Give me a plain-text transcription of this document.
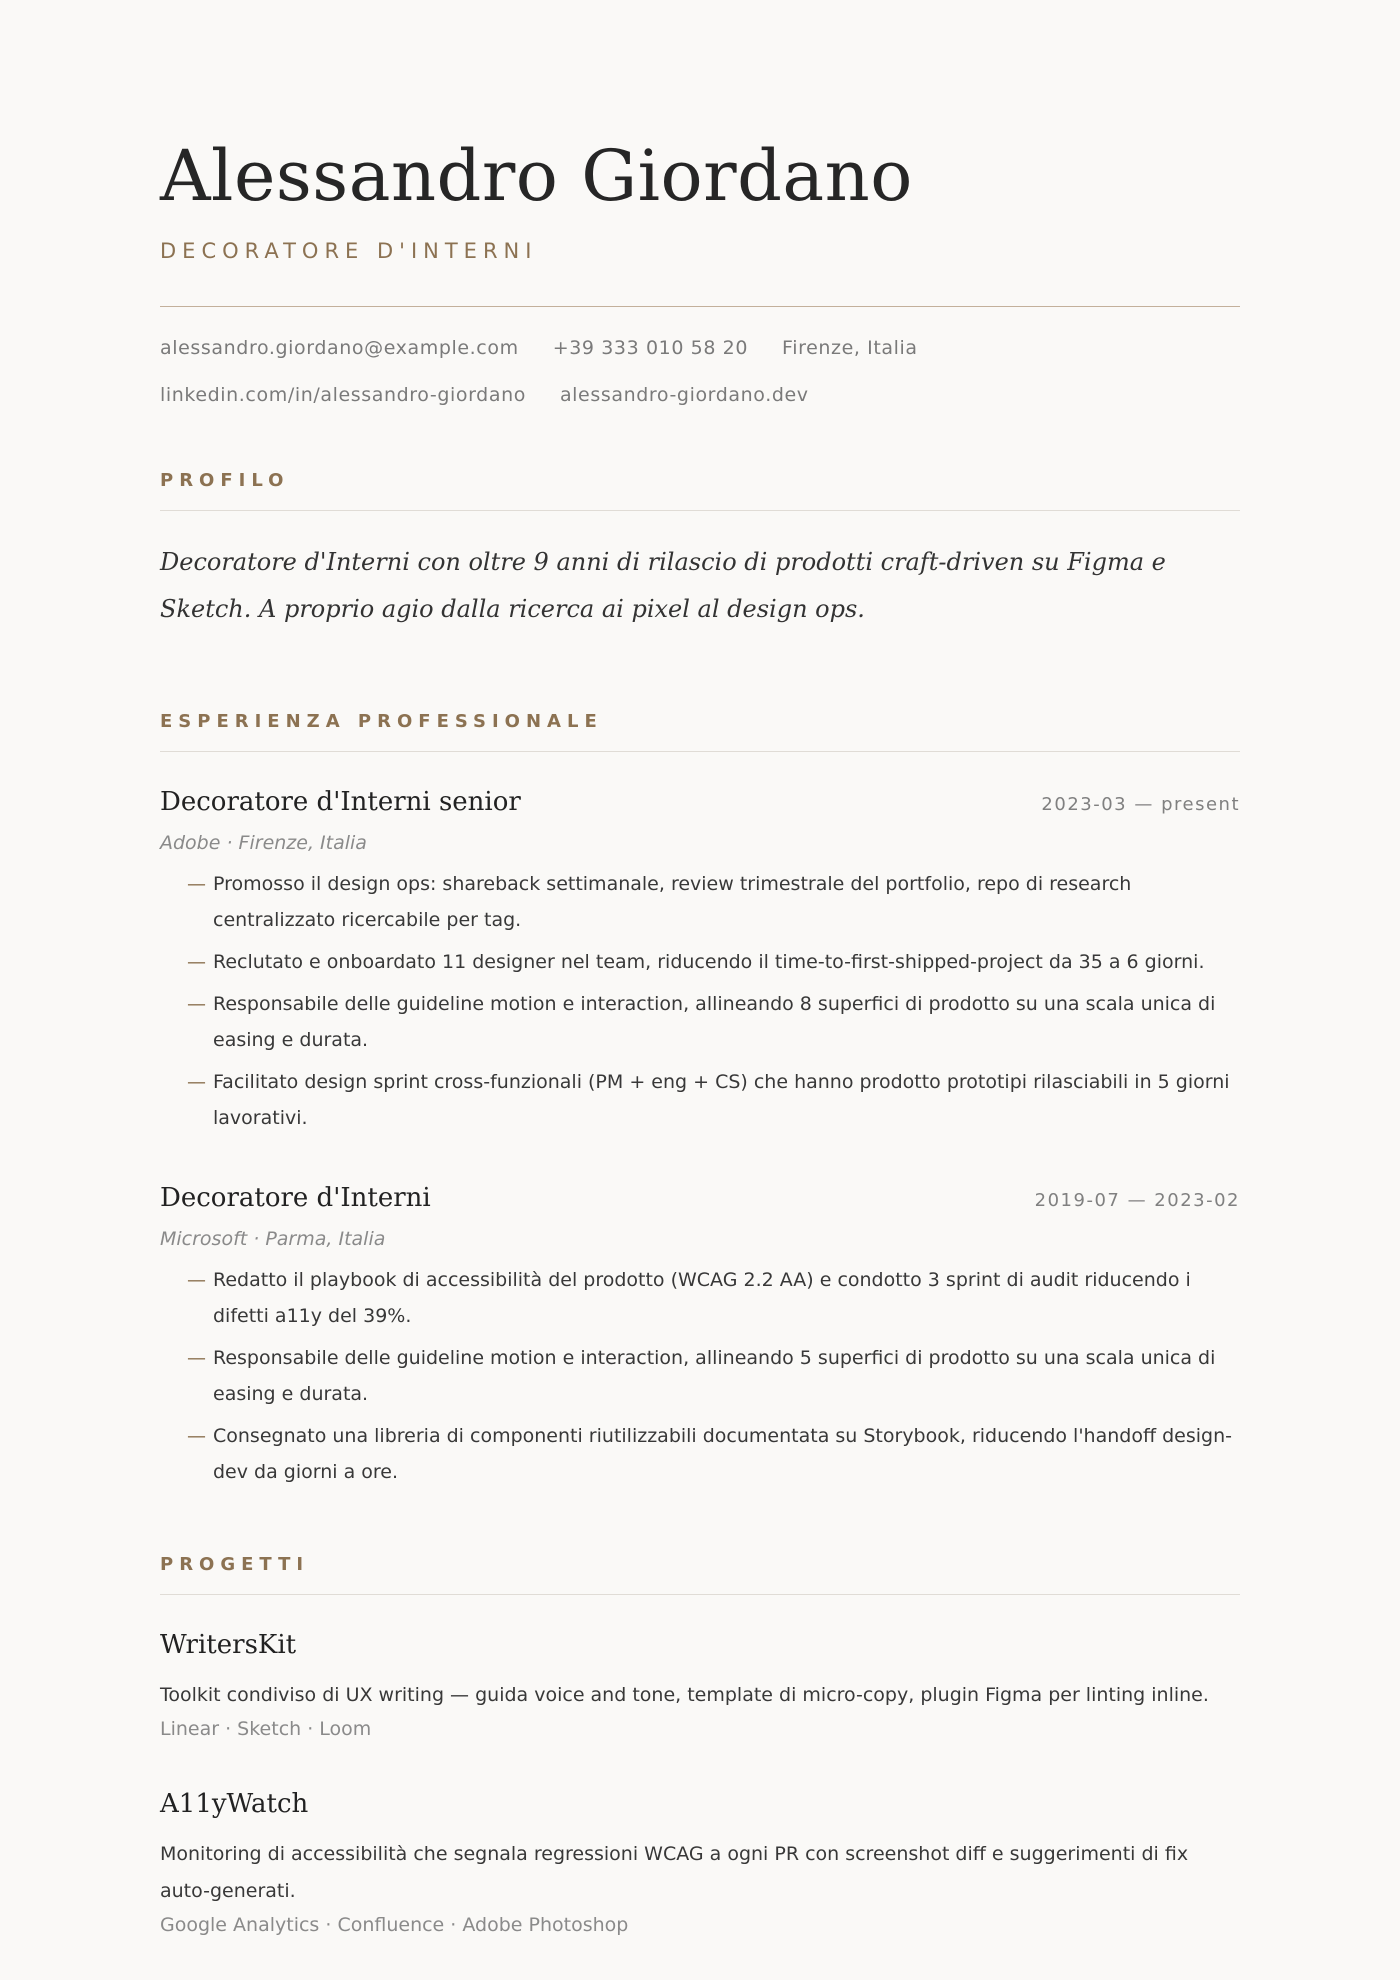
Alessandro Giordano
DECORATORE D'INTERNI
alessandro.giordano@example.com +39 333 010 58 20 Firenze, Italia
linkedin.com/in/alessandro-giordano alessandro-giordano.dev
PROFILO

Decoratore d'Interni con oltre 9 anni di rilascio di prodotti craft-driven su Figma e Sketch. A proprio agio dalla ricerca ai pixel al design ops.

ESPERIENZA PROFESSIONALE
Decoratore d'Interni senior	2023-03 — present
Adobe · Firenze, Italia
— Promosso il design ops: shareback settimanale, review trimestrale del portfolio, repo di research centralizzato ricercabile per tag.
— Reclutato e onboardato 11 designer nel team, riducendo il time-to-first-shipped-project da 35 a 6 giorni.
— Responsabile delle guideline motion e interaction, allineando 8 superfici di prodotto su una scala unica di easing e durata.
— Facilitato design sprint cross-funzionali (PM + eng + CS) che hanno prodotto prototipi rilasciabili in 5 giorni lavorativi.
Decoratore d'Interni	2019-07 — 2023-02
Microsoft · Parma, Italia
— Redatto il playbook di accessibilità del prodotto (WCAG 2.2 AA) e condotto 3 sprint di audit riducendo i difetti a11y del 39%.
— Responsabile delle guideline motion e interaction, allineando 5 superfici di prodotto su una scala unica di easing e durata.
— Consegnato una libreria di componenti riutilizzabili documentata su Storybook, riducendo l'handoff design-dev da giorni a ore.
PROGETTI
WritersKit
Toolkit condiviso di UX writing — guida voice and tone, template di micro-copy, plugin Figma per linting inline.
Linear · Sketch · Loom
A11yWatch
Monitoring di accessibilità che segnala regressioni WCAG a ogni PR con screenshot diff e suggerimenti di fix auto-generati.
Google Analytics · Confluence · Adobe Photoshop
